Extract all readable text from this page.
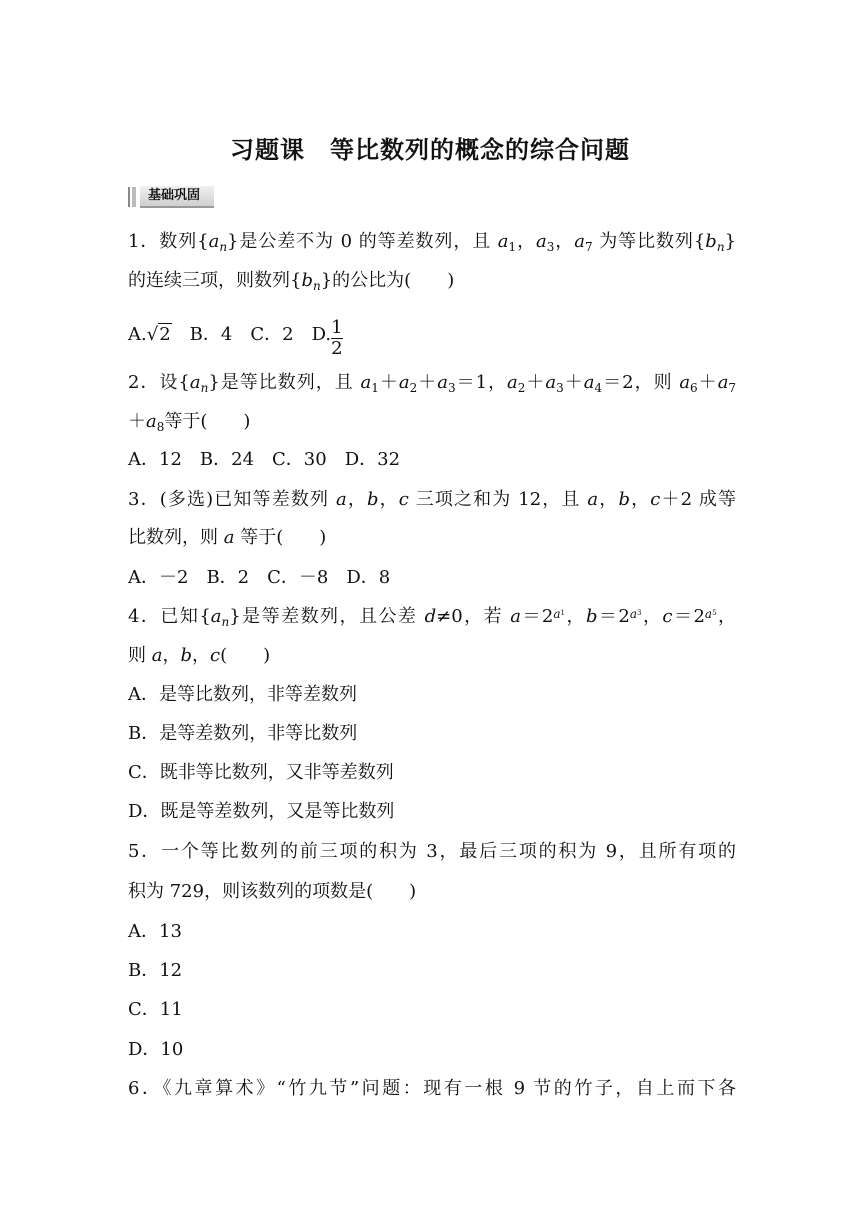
习题课　等比数列的概念的综合问题
基础巩固
1．数列$\{a_n\}$是公差不为 0 的等差数列，且 $a_1$，$a_3$，$a_7$ 为等比数列$\{b_n\}$
的连续三项，则数列$\{b_n\}$的公比为(　　)
A.√2　B．4　C．2　D. $\frac{1}{2}$
2．设$\{a_n\}$是等比数列，且 $a_1+a_2+a_3=1$，$a_2+a_3+a_4=2$，则 $a_6+a_7$
$+a_8$等于(　　)
A．12　B．24　C．30　D．32
3．(多选)已知等差数列 a，b，c 三项之和为 12，且 a，b，c＋2 成等
比数列，则 a 等于(　　)
A．－2　B．2　C．－8　D．8
4．已知$\{a_n\}$是等差数列，且公差 d≠0，若 $a=2^{a_1}$，$b=2^{a_3}$，$c=2^{a_5}$，
则 a，b，c(　　)
A．是等比数列，非等差数列
B．是等差数列，非等比数列
C．既非等比数列，又非等差数列
D．既是等差数列，又是等比数列
5．一个等比数列的前三项的积为 3，最后三项的积为 9，且所有项的
积为 729，则该数列的项数是(　　)
A．13
B．12
C．11
D．10
6．《九章算术》“竹九节”问题：现有一根 9 节的竹子，自上而下各
